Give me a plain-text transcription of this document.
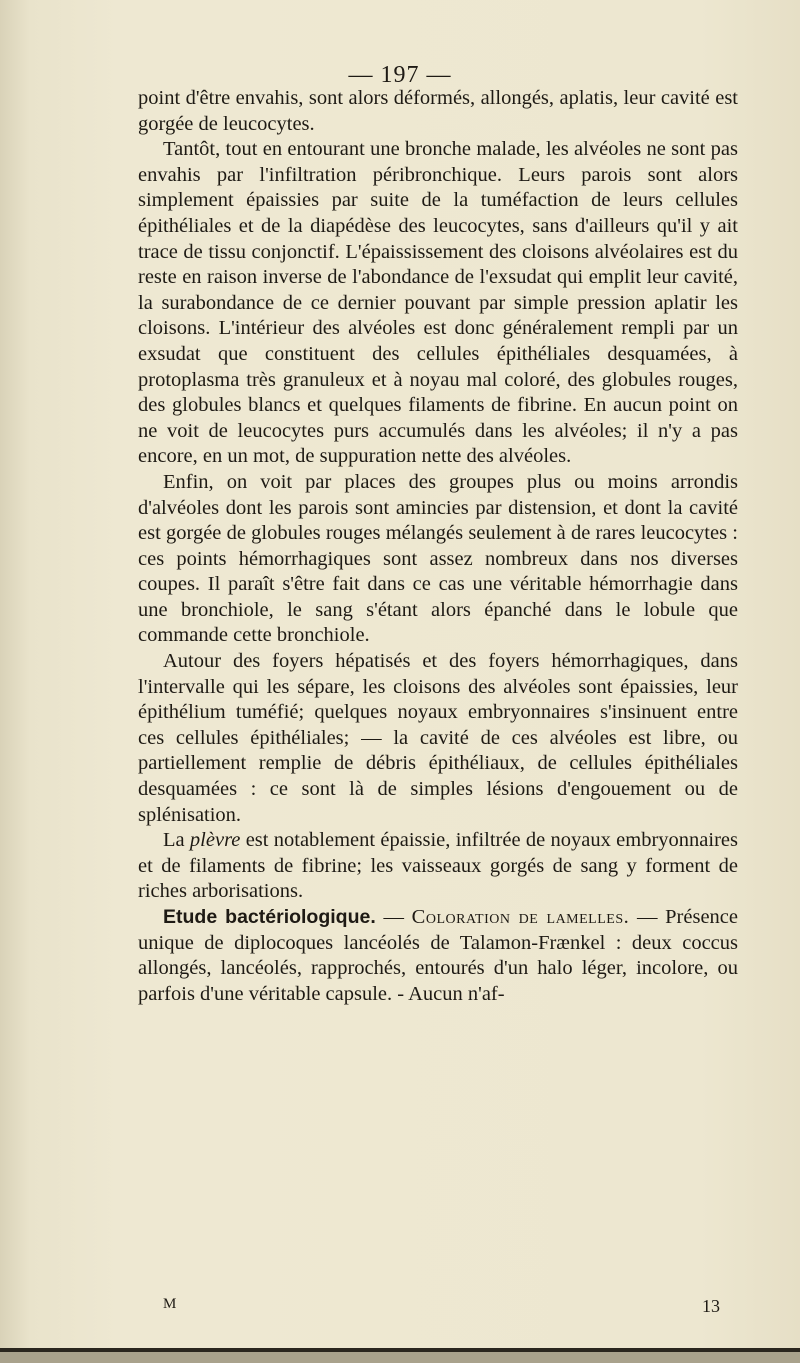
— 197 —

point d'être envahis, sont alors déformés, allongés, aplatis, leur cavité est gorgée de leucocytes.

Tantôt, tout en entourant une bronche malade, les alvéoles ne sont pas envahis par l'infiltration péribronchique. Leurs parois sont alors simplement épaissies par suite de la tuméfaction de leurs cellules épithéliales et de la diapédèse des leucocytes, sans d'ailleurs qu'il y ait trace de tissu conjonctif. L'épaississement des cloisons alvéolaires est du reste en raison inverse de l'abondance de l'exsudat qui emplit leur cavité, la surabondance de ce dernier pouvant par simple pression aplatir les cloisons. L'intérieur des alvéoles est donc généralement rempli par un exsudat que constituent des cellules épithéliales desquamées, à protoplasma très granuleux et à noyau mal coloré, des globules rouges, des globules blancs et quelques filaments de fibrine. En aucun point on ne voit de leucocytes purs accumulés dans les alvéoles; il n'y a pas encore, en un mot, de suppuration nette des alvéoles.

Enfin, on voit par places des groupes plus ou moins arrondis d'alvéoles dont les parois sont amincies par distension, et dont la cavité est gorgée de globules rouges mélangés seulement à de rares leucocytes : ces points hémorrhagiques sont assez nombreux dans nos diverses coupes. Il paraît s'être fait dans ce cas une véritable hémorrhagie dans une bronchiole, le sang s'étant alors épanché dans le lobule que commande cette bronchiole.

Autour des foyers hépatisés et des foyers hémorrhagiques, dans l'intervalle qui les sépare, les cloisons des alvéoles sont épaissies, leur épithélium tuméfié; quelques noyaux embryonnaires s'insinuent entre ces cellules épithéliales; — la cavité de ces alvéoles est libre, ou partiellement remplie de débris épithéliaux, de cellules épithéliales desquamées : ce sont là de simples lésions d'engouement ou de splénisation.

La plèvre est notablement épaissie, infiltrée de noyaux embryonnaires et de filaments de fibrine; les vaisseaux gorgés de sang y forment de riches arborisations.

Etude bactériologique. — Coloration de lamelles. — Présence unique de diplocoques lancéolés de Talamon-Frænkel : deux coccus allongés, lancéolés, rapprochés, entourés d'un halo léger, incolore, ou parfois d'une véritable capsule. - Aucun n'af-

M	13
